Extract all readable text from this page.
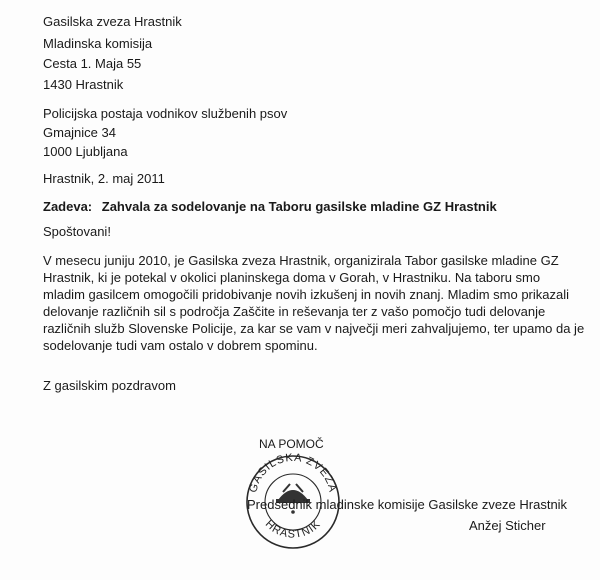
Gasilska zveza Hrastnik
Mladinska komisija
Cesta 1. Maja 55
1430 Hrastnik
Policijska postaja vodnikov službenih psov
Gmajnice 34
1000 Ljubljana
Hrastnik, 2. maj 2011
Zadeva: Zahvala za sodelovanje na Taboru gasilske mladine GZ Hrastnik
Spoštovani!
V mesecu juniju 2010, je Gasilska zveza Hrastnik, organizirala Tabor gasilske mladine GZ
Hrastnik, ki je potekal v okolici planinskega doma v Gorah, v Hrastniku. Na taboru smo
mladim gasilcem omogočili pridobivanje novih izkušenj in novih znanj. Mladim smo prikazali
delovanje različnih sil s področja Zaščite in reševanja ter z vašo pomočjo tudi delovanje
različnih služb Slovenske Policije, za kar se vam v največji meri zahvaljujemo, ter upamo da je
sodelovanje tudi vam ostalo v dobrem spominu.
Z gasilskim pozdravom
NA POMOČ
GASILSKA ZVEZA
HRASTNIK
Predsednik mladinske komisije Gasilske zveze Hrastnik
Anžej Sticher
